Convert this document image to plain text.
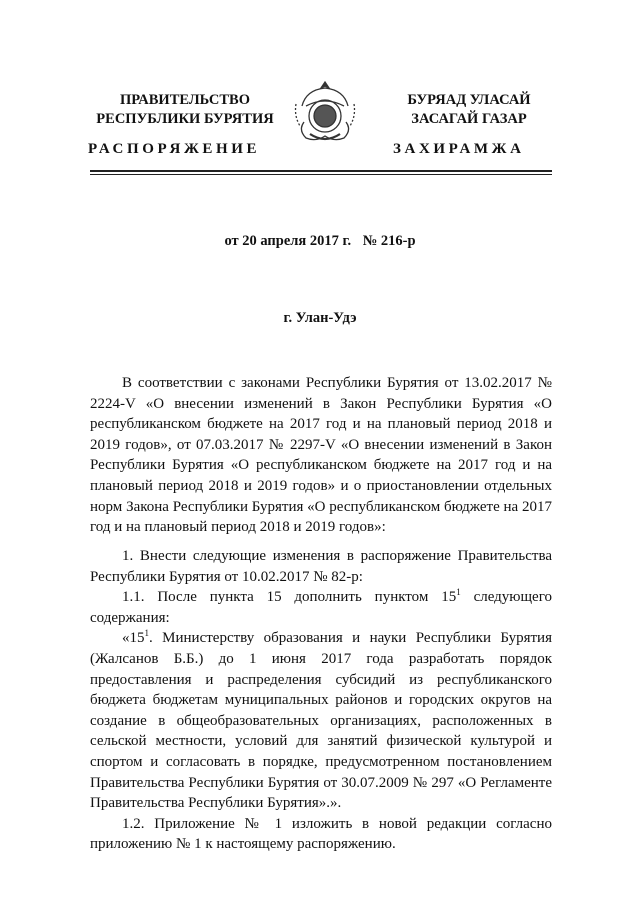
ПРАВИТЕЛЬСТВО
РЕСПУБЛИКИ БУРЯТИЯ
РАСПОРЯЖЕНИЕ
БУРЯАД УЛАСАЙ
ЗАСАГАЙ ГАЗАР
ЗАХИРАМЖА
от 20 апреля 2017 г. № 216-р
г. Улан-Удэ

В соответствии с законами Республики Бурятия от 13.02.2017 № 2224-V «О внесении изменений в Закон Республики Бурятия «О республиканском бюджете на 2017 год и на плановый период 2018 и 2019 годов», от 07.03.2017 № 2297-V «О внесении изменений в Закон Республики Бурятия «О республиканском бюджете на 2017 год и на плановый период 2018 и 2019 годов» и о приостановлении отдельных норм Закона Республики Бурятия «О республиканском бюджете на 2017 год и на плановый период 2018 и 2019 годов»:

1. Внести следующие изменения в распоряжение Правительства Республики Бурятия от 10.02.2017 № 82-р:

1.1. После пункта 15 дополнить пунктом $15^1$ следующего содержания:

«$15^1$. Министерству образования и науки Республики Бурятия (Жалсанов Б.Б.) до 1 июня 2017 года разработать порядок предоставления и распределения субсидий из республиканского бюджета бюджетам муниципальных районов и городских округов на создание в общеобразовательных организациях, расположенных в сельской местности, условий для занятий физической культурой и спортом и согласовать в порядке, предусмотренном постановлением Правительства Республики Бурятия от 30.07.2009 № 297 «О Регламенте Правительства Республики Бурятия».».

1.2. Приложение № 1 изложить в новой редакции согласно приложению № 1 к настоящему распоряжению.
